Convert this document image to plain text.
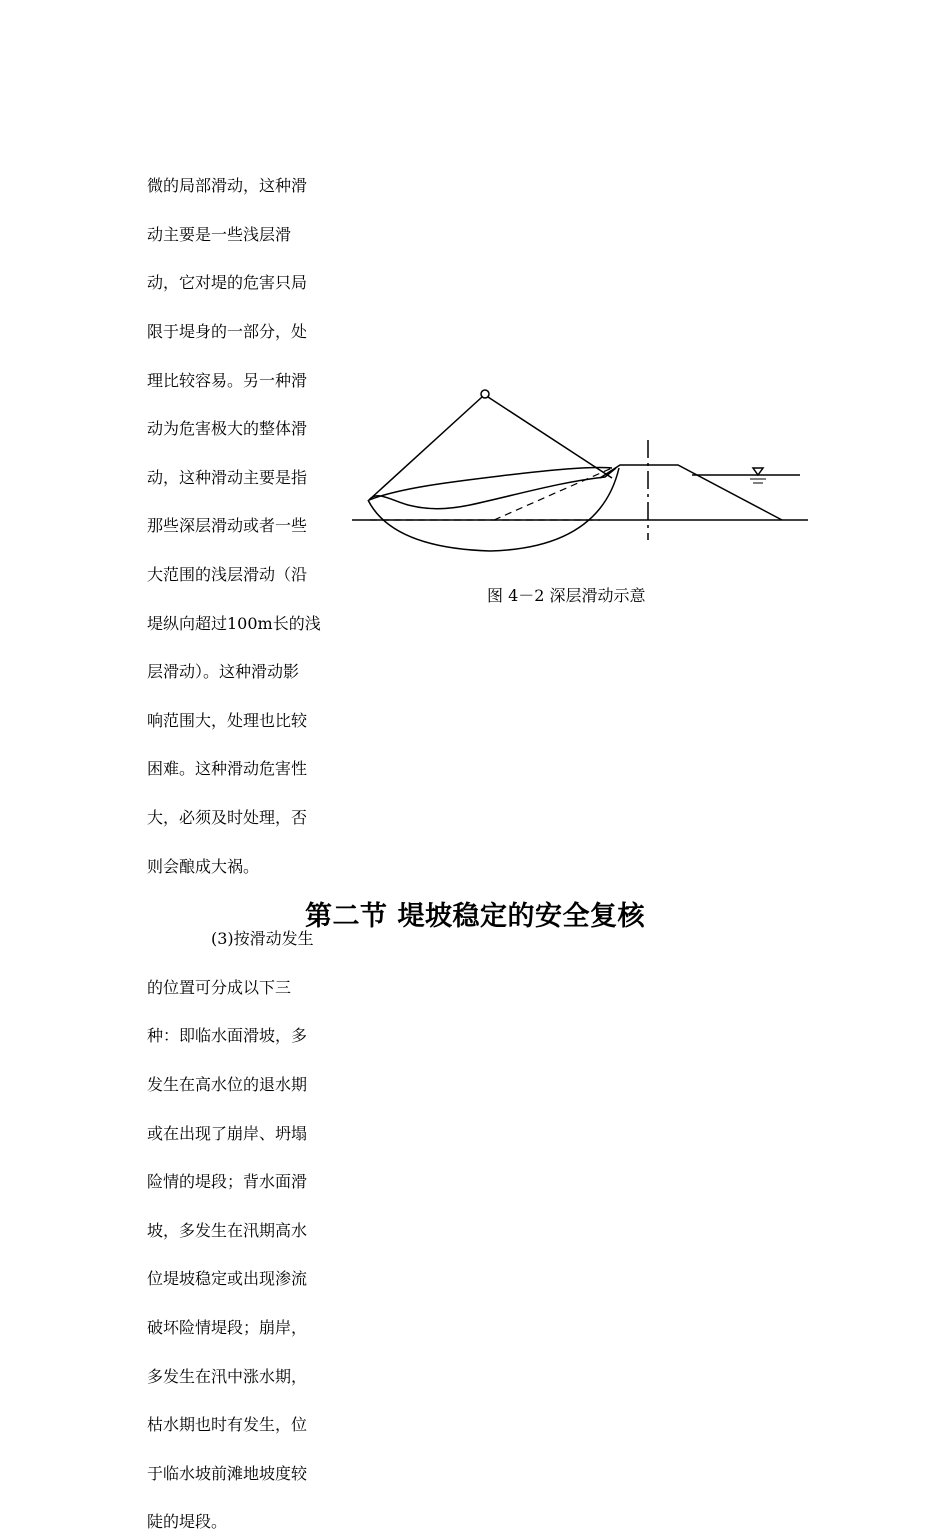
微的局部滑动，这种滑

动主要是一些浅层滑

动，它对堤的危害只局

限于堤身的一部分，处

理比较容易。另一种滑

动为危害极大的整体滑

动，这种滑动主要是指

那些深层滑动或者一些

大范围的浅层滑动（沿

堤纵向超过100m长的浅

层滑动）。这种滑动影

响范围大，处理也比较

困难。这种滑动危害性

大，必须及时处理，否

则会酿成大祸。

(3)按滑动发生

的位置可分成以下三

种：即临水面滑坡，多

发生在高水位的退水期

或在出现了崩岸、坍塌

险情的堤段；背水面滑

坡，多发生在汛期高水

位堤坡稳定或出现渗流

破坏险情堤段；崩岸，

多发生在汛中涨水期，

枯水期也时有发生，位

于临水坡前滩地坡度较

陡的堤段。

图 4－2 深层滑动示意
第二节 堤坡稳定的安全复核
